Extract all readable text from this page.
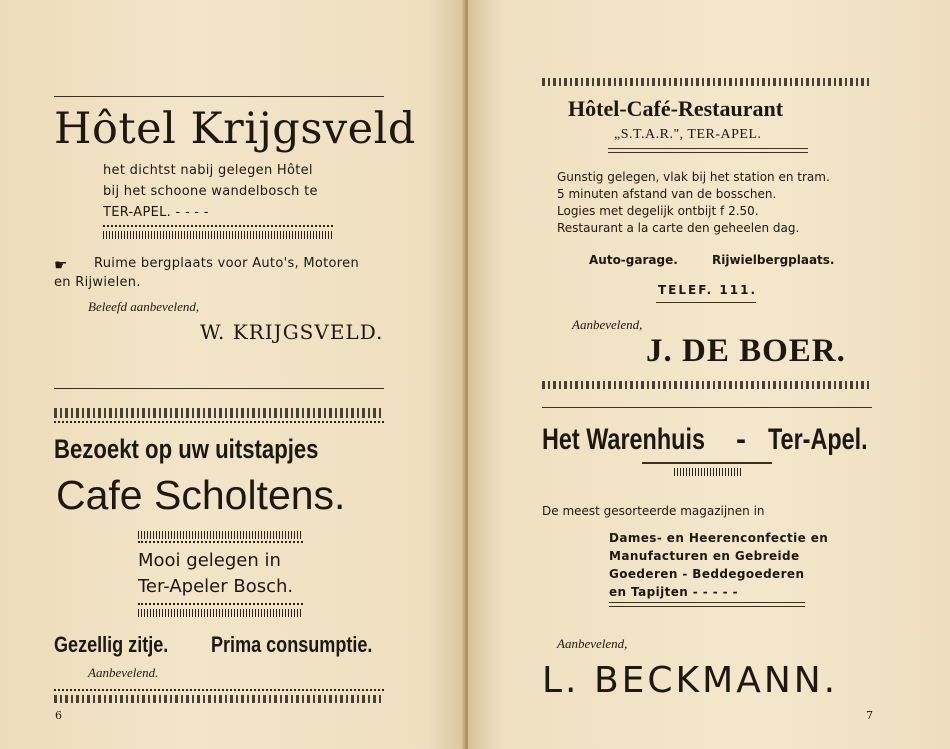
Hôtel Krijgsveld
het dichtst nabij gelegen Hôtel
bij het schoone wandelbosch te
TER-APEL. - - - -
☛ Ruime bergplaats voor Auto's, Motoren
en Rijwielen.
Beleefd aanbevelend,
W. KRIJGSVELD.
Bezoekt op uw uitstapjes
Cafe Scholtens.
Mooi gelegen in
Ter-Apeler Bosch.
Gezellig zitje. Prima consumptie.
Aanbevelend.
6
Hôtel-Café-Restaurant
„S.T.A.R.", TER-APEL.
Gunstig gelegen, vlak bij het station en tram.
5 minuten afstand van de bosschen.
Logies met degelijk ontbijt f 2.50.
Restaurant a la carte den geheelen dag.
Auto-garage.	Rijwielbergplaats.
TELEF. 111.
Aanbevelend,
J. DE BOER.
Het Warenhuis - Ter-Apel.
De meest gesorteerde magazijnen in
Dames- en Heerenconfectie en
Manufacturen en Gebreide
Goederen - Beddegoederen
en Tapijten - - - - -
Aanbevelend,
L. BECKMANN.
7
